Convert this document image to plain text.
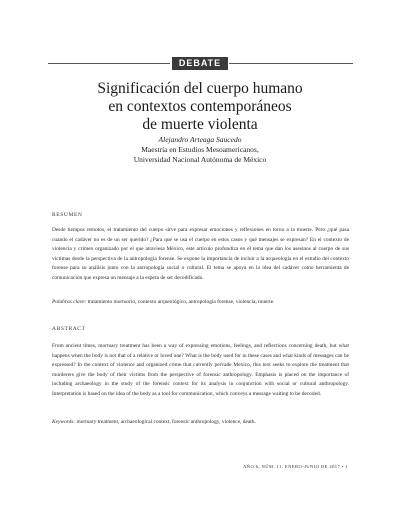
DEBATE
Significación del cuerpo humano
en contextos contemporáneos
de muerte violenta
Alejandro Arteaga Saucedo
Maestría en Estudios Mesoamericanos,
Universidad Nacional Autónoma de México
RESUMEN

Desde tiempos remotos, el tratamiento del cuerpo sirve para expresar emociones y reflexiones en torno a la muerte. Pero ¿qué pasa cuando el cadáver no es de un ser querido? ¿Para qué se usa el cuerpo en estos casos y qué mensajes se expresan? En el contexto de violencia y crimen organizado por el que atraviesa México, este artículo profundiza en el tema que dan los asesinos al cuerpo de sus víctimas desde la perspectiva de la antropología forense. Se expone la importancia de incluir a la arqueología en el estudio del contexto forense para su análisis junto con la antropología social o cultural. El tema se apoya en la idea del cadáver como herramienta de comunicación que expresa un mensaje a la espera de ser decodificado.

Palabras clave: tratamiento mortuorio, contexto arqueológico, antropología forense, violencia, muerte.

ABSTRACT

From ancient times, mortuary treatment has been a way of expressing emotions, feelings, and reflections concerning death, but what happens when the body is not that of a relative or loved one? What is the body used for in these cases and what kinds of messages can be expressed? In the context of violence and organized crime that currently pervade Mexico, this text seeks to explore the treatment that murderers give the body of their victims from the perspective of forensic anthropology. Emphasis is placed on the importance of including archaeology in the study of the forensic context for its analysis in conjunction with social or cultural anthropology. Interpretation is based on the idea of the body as a tool for communication, which conveys a message waiting to be decoded.

Keywords: mortuary treatment, archaeological context, forensic anthropology, violence, death.

AÑO 6, NÚM. 11, ENERO-JUNIO DE 2017 • 1
